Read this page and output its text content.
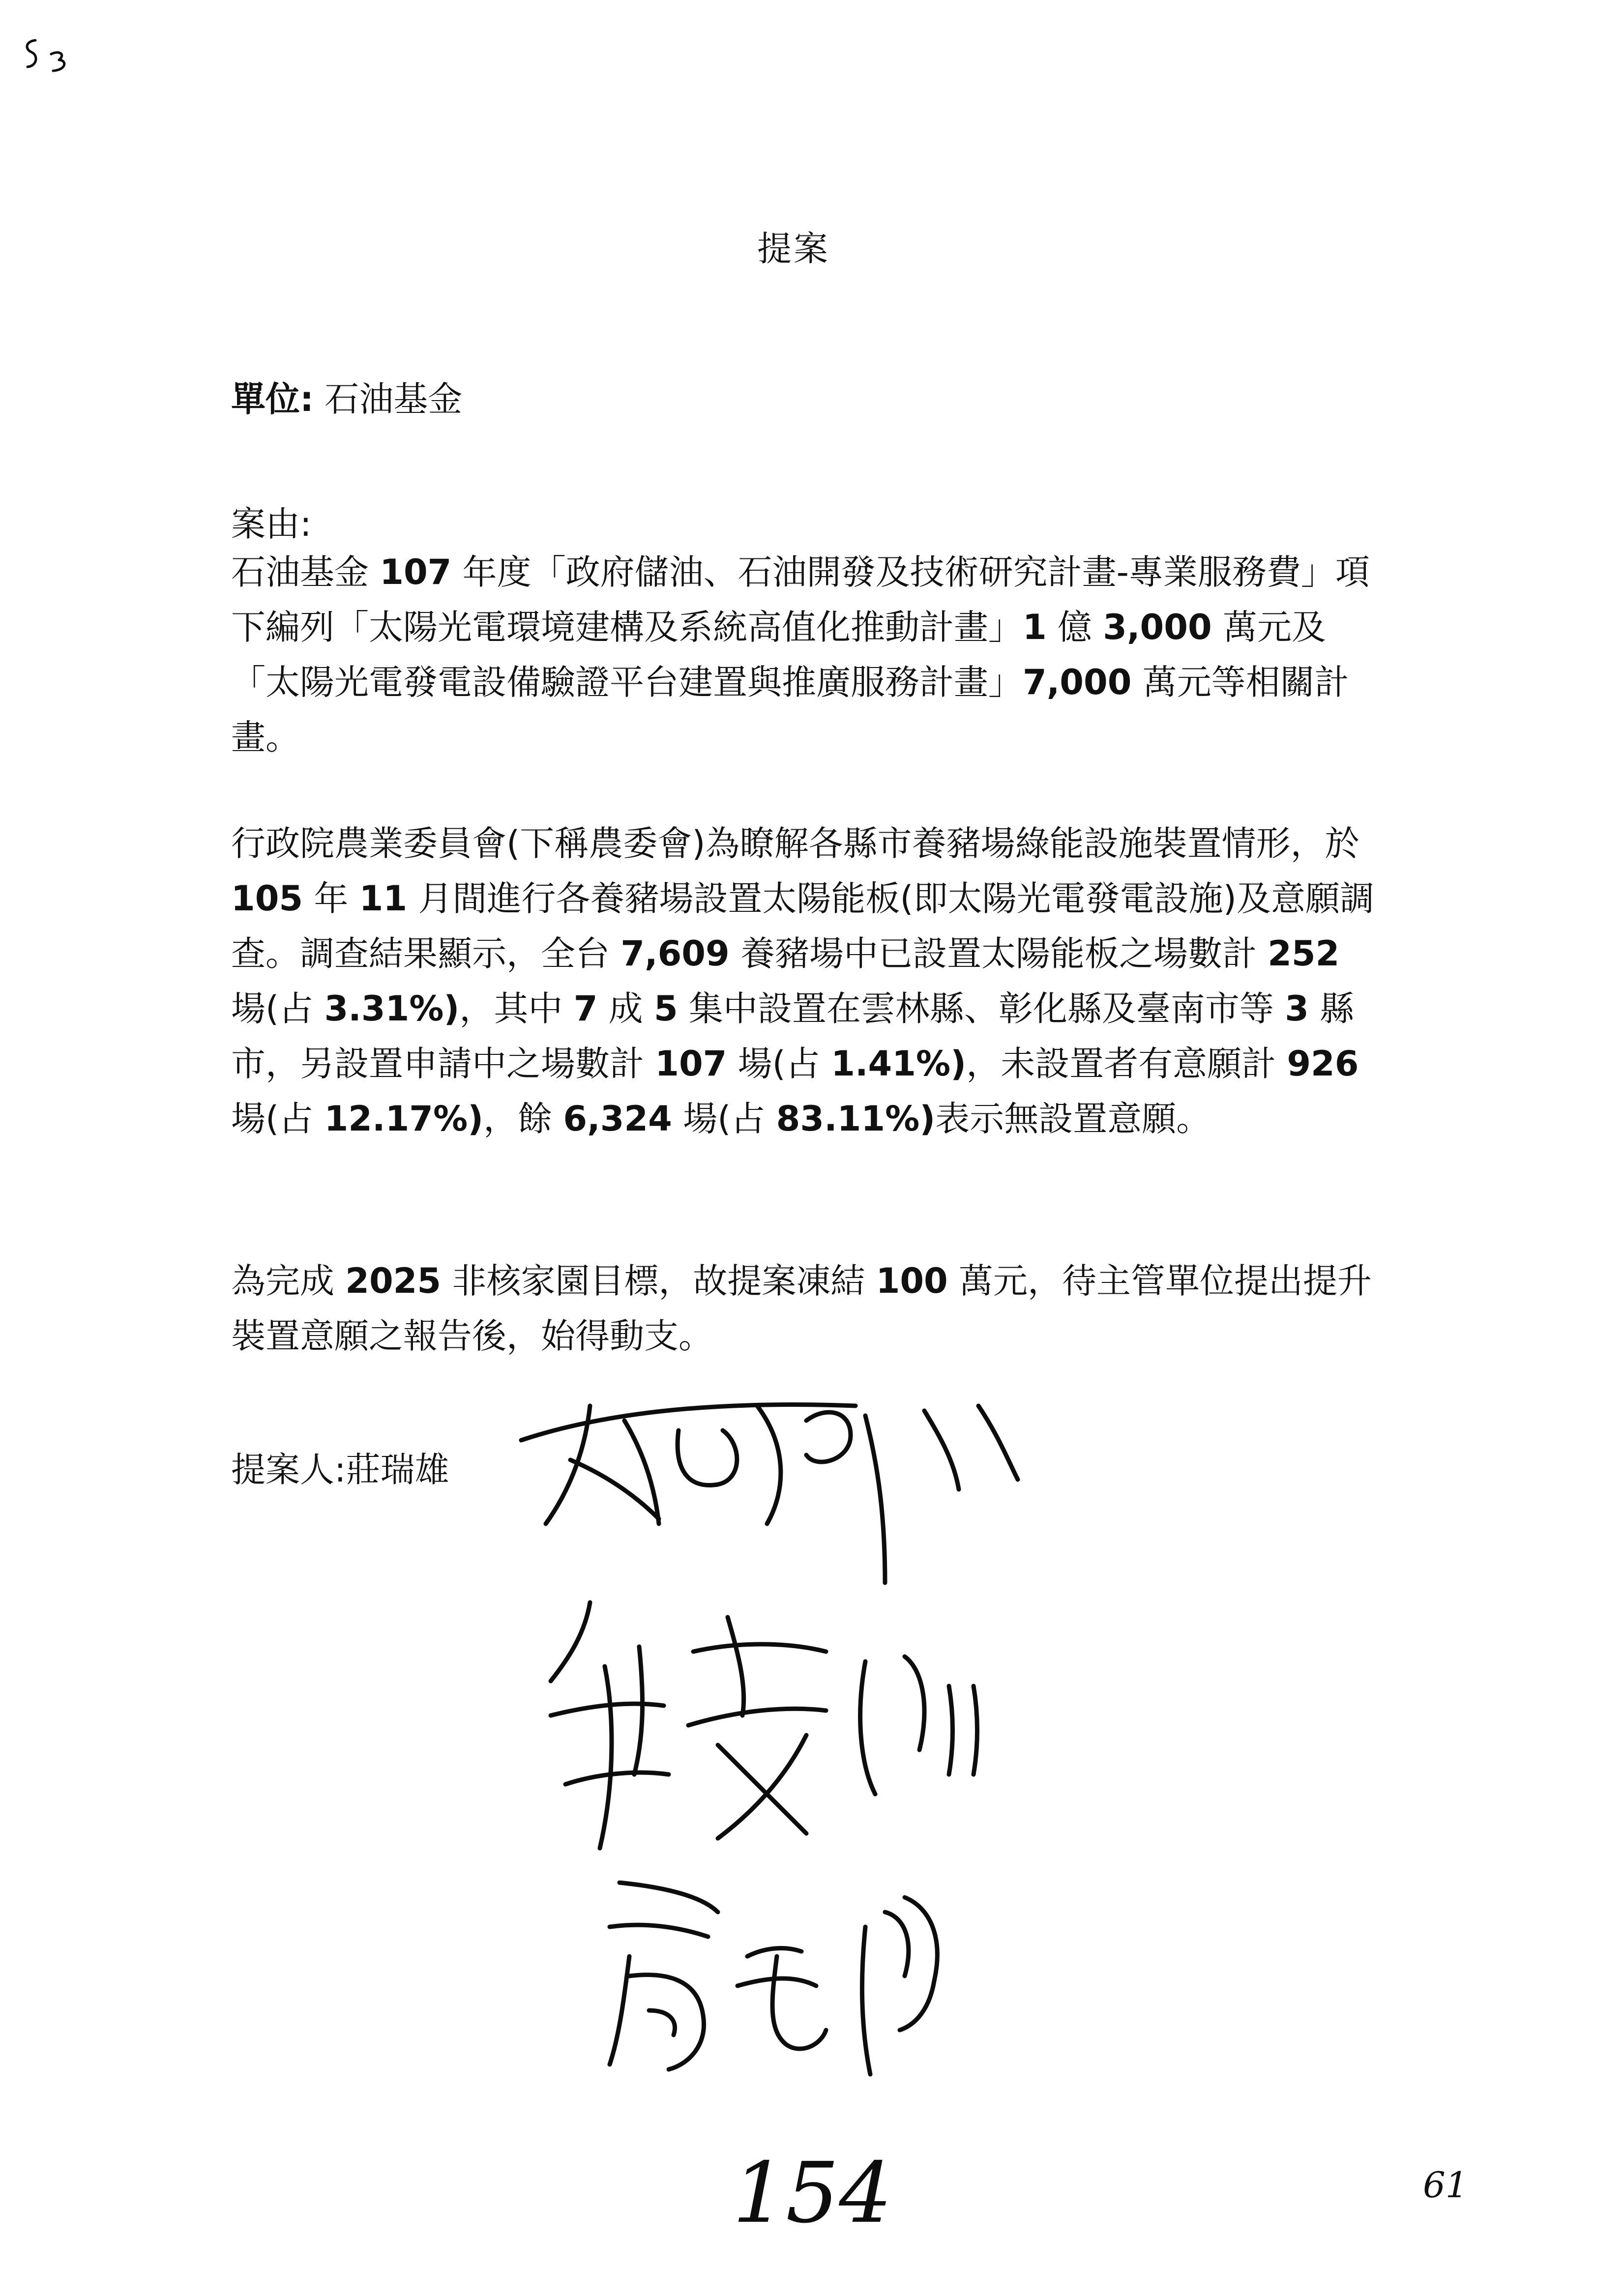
提案
單位: 石油基金
案由:
石油基金 107 年度「政府儲油、石油開發及技術研究計畫-專業服務費」項下編列「太陽光電環境建構及系統高值化推動計畫」1 億 3,000 萬元及「太陽光電發電設備驗證平台建置與推廣服務計畫」7,000 萬元等相關計畫。
行政院農業委員會(下稱農委會)為瞭解各縣市養豬場綠能設施裝置情形，於 105 年 11 月間進行各養豬場設置太陽能板(即太陽光電發電設施)及意願調查。調查結果顯示，全台 7,609 養豬場中已設置太陽能板之場數計 252 場(占 3.31%)，其中 7 成 5 集中設置在雲林縣、彰化縣及臺南市等 3 縣市，另設置申請中之場數計 107 場(占 1.41%)，未設置者有意願計 926 場(占 12.17%)，餘 6,324 場(占 83.11%)表示無設置意願。
為完成 2025 非核家園目標，故提案凍結 100 萬元，待主管單位提出提升裝置意願之報告後，始得動支。
提案人:莊瑞雄
154	61
